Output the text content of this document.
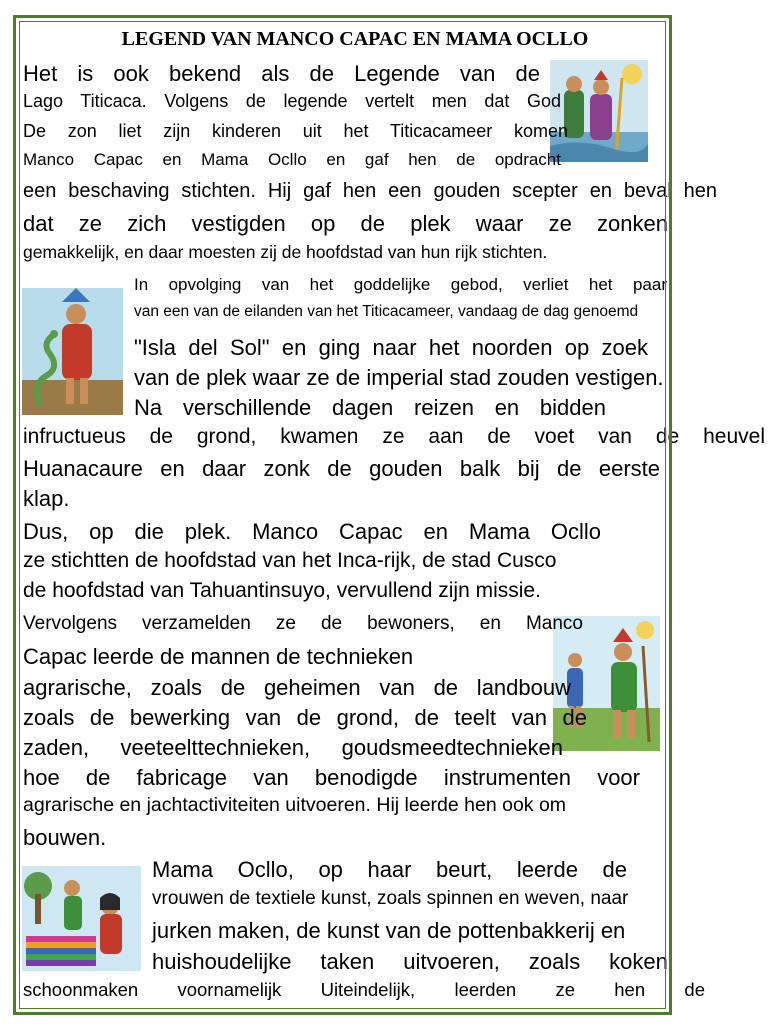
LEGEND VAN MANCO CAPAC EN MAMA OCLLO
Het is ook bekend als de Legende van de
Lago Titicaca. Volgens de legende vertelt men dat God
De zon liet zijn kinderen uit het Titicacameer komen
Manco Capac en Mama Ocllo en gaf hen de opdracht
een beschaving stichten. Hij gaf hen een gouden scepter en beval hen
dat ze zich vestigden op de plek waar ze zonken
gemakkelijk, en daar moesten zij de hoofdstad van hun rijk stichten.
In opvolging van het goddelijke gebod, verliet het paar
van een van de eilanden van het Titicacameer, vandaag de dag genoemd
"Isla del Sol" en ging naar het noorden op zoek
van de plek waar ze de imperial stad zouden vestigen.
Na verschillende dagen reizen en bidden
infructueus de grond, kwamen ze aan de voet van de heuvel
Huanacaure en daar zonk de gouden balk bij de eerste
klap.
Dus, op die plek. Manco Capac en Mama Ocllo
ze stichtten de hoofdstad van het Inca-rijk, de stad Cusco
de hoofdstad van Tahuantinsuyo, vervullend zijn missie.
Vervolgens verzamelden ze de bewoners, en Manco
Capac leerde de mannen de technieken
agrarische, zoals de geheimen van de landbouw
zoals de bewerking van de grond, de teelt van de
zaden, veeteelttechnieken, goudsmeedtechnieken
hoe de fabricage van benodigde instrumenten voor
agrarische en jachtactiviteiten uitvoeren. Hij leerde hen ook om
bouwen.
Mama Ocllo, op haar beurt, leerde de
vrouwen de textiele kunst, zoals spinnen en weven, naar
jurken maken, de kunst van de pottenbakkerij en
huishoudelijke taken uitvoeren, zoals koken,
schoonmaken voornamelijk Uiteindelijk, leerden ze hen de
